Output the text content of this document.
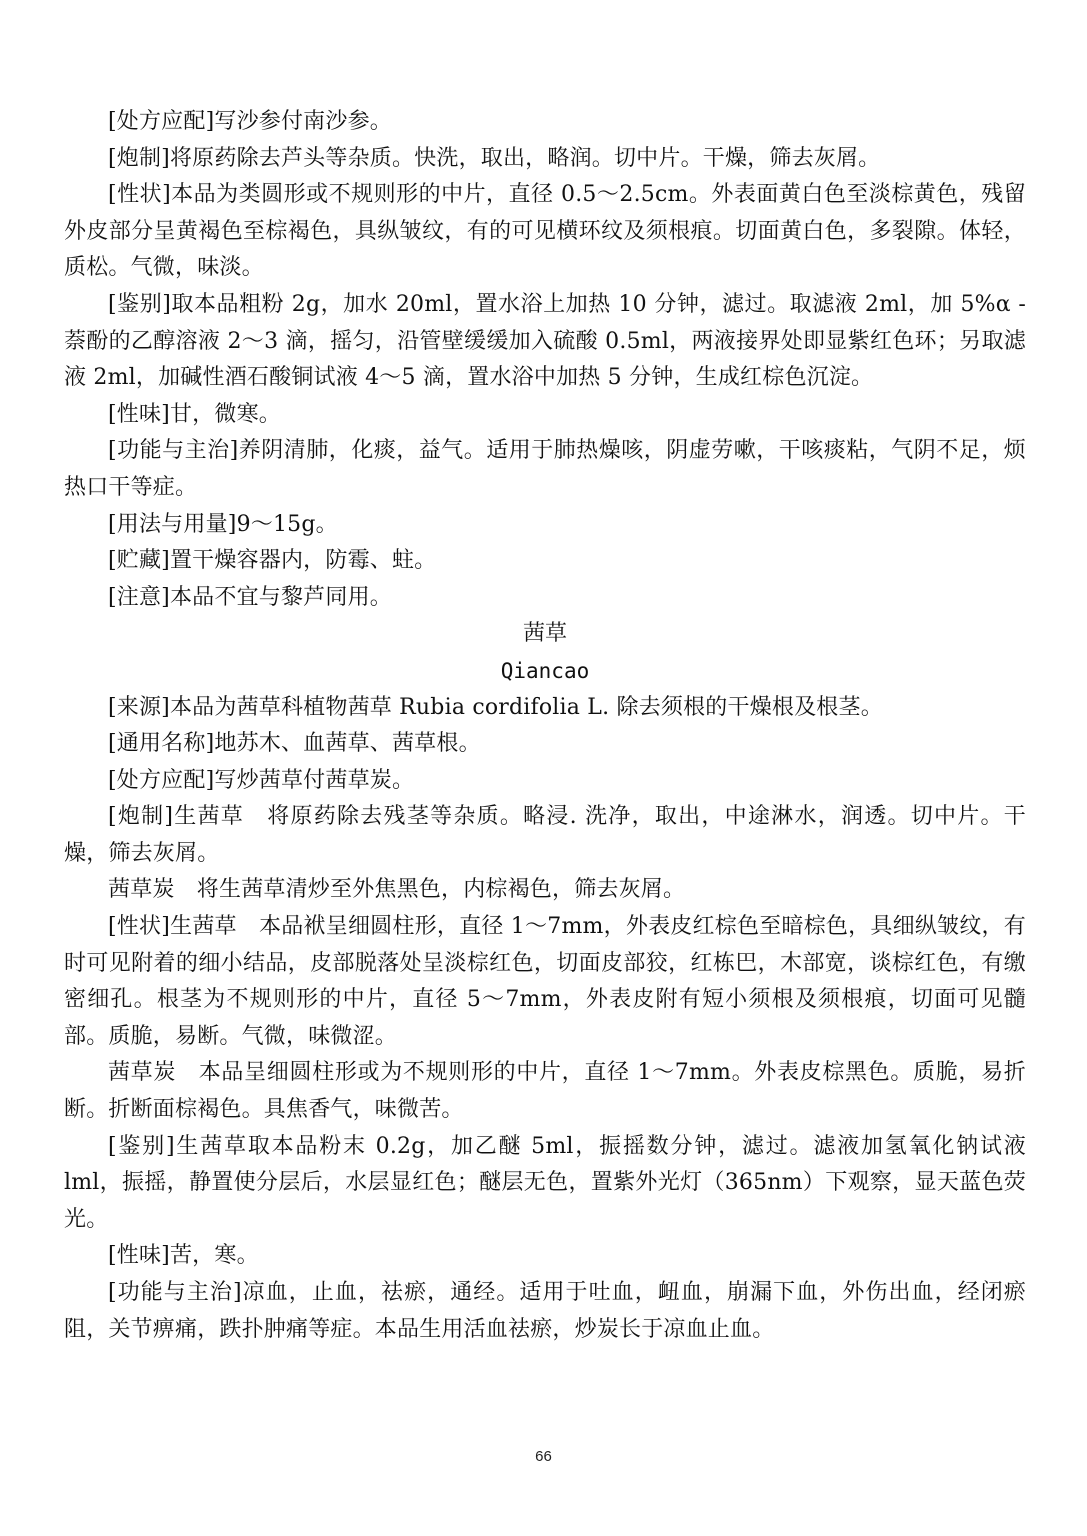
[处方应配]写沙参付南沙参。

[炮制]将原药除去芦头等杂质。快洗，取出，略润。切中片。干燥，筛去灰屑。

[性状]本品为类圆形或不规则形的中片，直径 0.5～2.5cm。外表面黄白色至淡棕黄色，残留外皮部分呈黄褐色至棕褐色，具纵皱纹，有的可见横环纹及须根痕。切面黄白色，多裂隙。体轻，质松。气微，味淡。

[鉴别]取本品粗粉 2g，加水 20ml，置水浴上加热 10 分钟，滤过。取滤液 2ml，加 5%α -萘酚的乙醇溶液 2～3 滴，摇匀，沿管壁缓缓加入硫酸 0.5ml，两液接界处即显紫红色环；另取滤液 2ml，加碱性酒石酸铜试液 4～5 滴，置水浴中加热 5 分钟，生成红棕色沉淀。

[性味]甘，微寒。

[功能与主治]养阴清肺，化痰，益气。适用于肺热燥咳，阴虚劳嗽，干咳痰粘，气阴不足，烦热口干等症。

[用法与用量]9～15g。

[贮藏]置干燥容器内，防霉、蛀。

[注意]本品不宜与黎芦同用。

茜草

Qiancao

[来源]本品为茜草科植物茜草 Rubia cordifolia L. 除去须根的干燥根及根茎。

[通用名称]地苏木、血茜草、茜草根。

[处方应配]写炒茜草付茜草炭。

[炮制]生茜草　将原药除去残茎等杂质。略浸. 洗净，取出，中途淋水，润透。切中片。干燥，筛去灰屑。

茜草炭　将生茜草清炒至外焦黑色，内棕褐色，筛去灰屑。

[性状]生茜草　本品袱呈细圆柱形，直径 1～7mm，外表皮红棕色至暗棕色，具细纵皱纹，有时可见附着的细小结品，皮部脱落处呈淡棕红色，切面皮部狡，红栋巴，木部宽，谈棕红色，有缴密细孔。根茎为不规则形的中片，直径 5～7mm，外表皮附有短小须根及须根痕，切面可见髓部。质脆，易断。气微，味微涩。

茜草炭　本品呈细圆柱形或为不规则形的中片，直径 1～7mm。外表皮棕黑色。质脆，易折断。折断面棕褐色。具焦香气，味微苦。

[鉴别]生茜草取本品粉末 0.2g，加乙醚 5ml，振摇数分钟，滤过。滤液加氢氧化钠试液 lml，振摇，静置使分层后，水层显红色；醚层无色，置紫外光灯（365nm）下观察，显天蓝色荧光。

[性味]苦，寒。

[功能与主治]凉血，止血，祛瘀，通经。适用于吐血，衄血，崩漏下血，外伤出血，经闭瘀阻，关节痹痛，跌扑肿痛等症。本品生用活血祛瘀，炒炭长于凉血止血。

66
